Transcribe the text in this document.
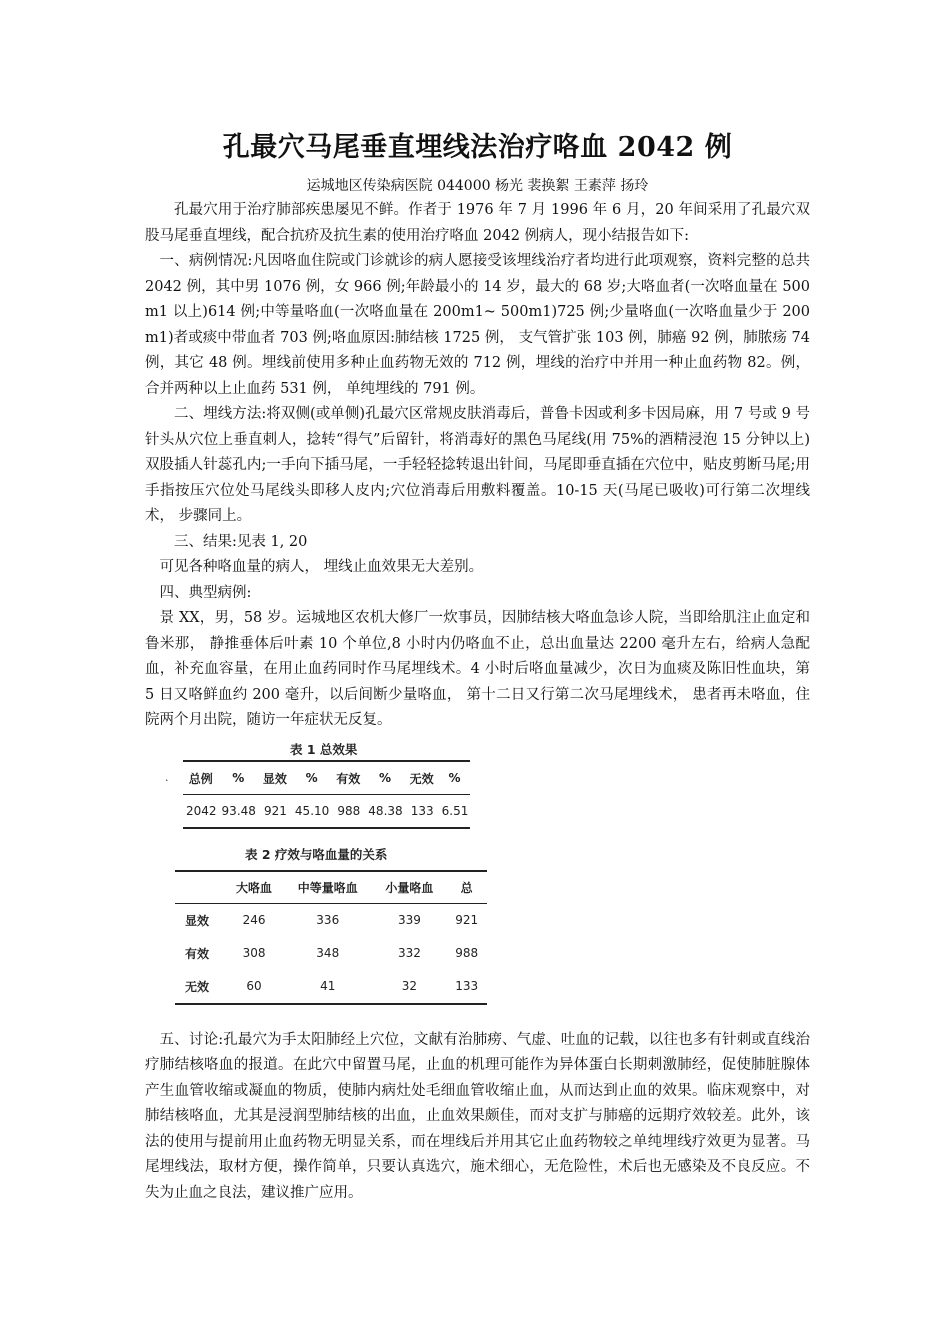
孔最穴马尾垂直埋线法治疗咯血 2042 例
运城地区传染病医院 044000 杨光 裴换絮 王素萍 扬玲

孔最穴用于治疗肺部疾患屡见不鲜。作者于 1976 年 7 月 1996 年 6 月，20 年间采用了孔最穴双股马尾垂直埋线，配合抗疥及抗生素的使用治疗咯血 2042 例病人，现小结报告如下:

一、病例情况:凡因咯血住院或门诊就诊的病人愿接受该埋线治疗者均进行此项观察，资料完整的总共 2042 例，其中男 1076 例，女 966 例;年龄最小的 14 岁，最大的 68 岁;大咯血者(一次咯血量在 500m1 以上)614 例;中等量咯血(一次咯血量在 200m1~ 500m1)725 例;少量咯血(一次咯血量少于 200m1)者或痰中带血者 703 例;咯血原因:肺结核 1725 例， 支气管扩张 103 例，肺癌 92 例，肺脓疡 74 例，其它 48 例。埋线前使用多种止血药物无效的 712 例，埋线的治疗中并用一种止血药物 82。例， 合并两种以上止血药 531 例， 单纯埋线的 791 例。

二、埋线方法:将双侧(或单侧)孔最穴区常规皮肤消毒后，普鲁卡因或利多卡因局麻，用 7 号或 9 号针头从穴位上垂直刺人，捻转“得气”后留针，将消毒好的黑色马尾线(用 75%的酒精浸泡 15 分钟以上)双股插人针蕊孔内;一手向下插马尾，一手轻轻捻转退出针间，马尾即垂直插在穴位中，贴皮剪断马尾;用手指按压穴位处马尾线头即移人皮内;穴位消毒后用敷料覆盖。10-15 天(马尾已吸收)可行第二次埋线术， 步骤同上。

三、结果:见表 1, 20

可见各种咯血量的病人， 埋线止血效果无大差别。

四、典型病例:

景 XX，男，58 岁。运城地区农机大修厂一炊事员，因肺结核大咯血急诊人院，当即给肌注止血定和鲁米那， 静推垂体后叶素 10 个单位,8 小时内仍咯血不止，总出血量达 2200 毫升左右，给病人急配血，补充血容量，在用止血药同时作马尾埋线术。4 小时后咯血量减少，次日为血痰及陈旧性血块，第 5 日又咯鲜血约 200 毫升，以后间断少量咯血， 第十二日又行第二次马尾埋线术， 患者再未咯血，住院两个月出院，随访一年症状无反复。

表 1 总效果
· 总例	%	显效	%	有效	%	无效	%
2042	93.48	921	45.10	988	48.38	133	6.51
表 2 疗效与咯血量的关系
	大咯血	中等量咯血	小量咯血	总
显效	246	336	339	921
有效	308	348	332	988
无效	60	41	32	133

五、讨论:孔最穴为手太阳肺经上穴位，文献有治肺痨、气虚、吐血的记载，以往也多有针刺或直线治疗肺结核咯血的报道。在此穴中留置马尾，止血的机理可能作为异体蛋白长期刺激肺经，促使肺脏腺体产生血管收缩或凝血的物质，使肺内病灶处毛细血管收缩止血，从而达到止血的效果。临床观察中，对肺结核咯血，尤其是浸润型肺结核的出血，止血效果颇佳，而对支扩与肺癌的远期疗效较差。此外，该法的使用与提前用止血药物无明显关系，而在埋线后并用其它止血药物较之单纯埋线疗效更为显著。马尾埋线法，取材方便，操作简单，只要认真选穴，施术细心，无危险性，术后也无感染及不良反应。不失为止血之良法，建议推广应用。
